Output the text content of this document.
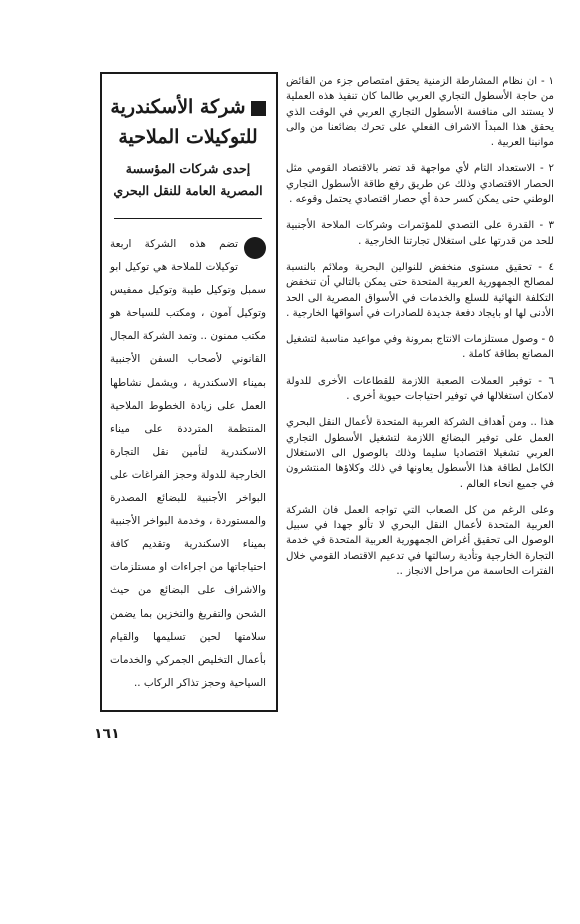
شركة الأسكندرية للتوكيلات الملاحية

إحدى شركات المؤسسة المصرية العامة للنقل البحري

تضم هذه الشركة اربعة توكيلات للملاحة هي توكيل ابو سمبل وتوكيل طيبة وتوكيل ممفيس وتوكيل آمون ، ومكتب للسياحة هو مكتب ممنون .. وتمد الشركة المجال القانوني لأصحاب السفن الأجنبية بميناء الاسكندرية ، ويشمل نشاطها العمل على زيادة الخطوط الملاحية المنتظمة المترددة على ميناء الاسكندرية لتأمين نقل التجارة الخارجية للدولة وحجز الفراغات على البواخر الأجنبية للبضائع المصدرة والمستوردة ، وخدمة البواخر الأجنبية بميناء الاسكندرية وتقديم كافة احتياجاتها من اجراءات او مستلزمات والاشراف على البضائع من حيث الشحن والتفريغ والتخزين بما يضمن سلامتها لحين تسليمها والقيام بأعمال التخليص الجمركي والخدمات السياحية وحجز تذاكر الركاب ..

١ - ان نظام المشارطة الزمنية يحقق امتصاص جزء من الفائض من حاجة الأسطول التجاري العربي طالما كان تنفيذ هذه العملية لا يستند الى منافسة الأسطول التجاري العربي في الوقت الذي يحقق هذا المبدأ الاشراف الفعلي على تحرك بضائعنا من والى موانينا العربية .

٢ - الاستعداد التام لأي مواجهة قد تضر بالاقتصاد القومي مثل الحصار الاقتصادي وذلك عن طريق رفع طاقة الأسطول التجاري الوطني حتى يمكن كسر حدة أي حصار اقتصادي يحتمل وقوعه .

٣ - القدرة على التصدي للمؤتمرات وشركات الملاحة الأجنبية للحد من قدرتها على استغلال تجارتنا الخارجية .

٤ - تحقيق مستوى منخفض للنوالين البحرية وملائم بالنسبة لمصالح الجمهورية العربية المتحدة حتى يمكن بالتالي أن تنخفض التكلفة النهائية للسلع والخدمات في الأسواق المصرية الى الحد الأدنى لها او بايجاد دفعة جديدة للصادرات في أسواقها الخارجية .

٥ - وصول مستلزمات الانتاج بمرونة وفي مواعيد مناسبة لتشغيل المصانع بطاقة كاملة .

٦ - توفير العملات الصعبة اللازمة للقطاعات الأخرى للدولة لامكان استغلالها في توفير احتياجات حيوية أخرى .

هذا .. ومن أهداف الشركة العربية المتحدة لأعمال النقل البحري العمل على توفير البضائع اللازمة لتشغيل الأسطول التجاري العربي تشغيلا اقتصاديا سليما وذلك بالوصول الى الاستغلال الكامل لطاقة هذا الأسطول يعاونها في ذلك وكلاؤها المنتشرون في جميع انحاء العالم .

وعلى الرغم من كل الصعاب التي تواجه العمل فان الشركة العربية المتحدة لأعمال النقل البحري لا تألو جهدا في سبيل الوصول الى تحقيق أغراض الجمهورية العربية المتحدة في خدمة التجارة الخارجية وتأدية رسالتها في تدعيم الاقتصاد القومي خلال الفترات الحاسمة من مراحل الانجاز ..

١٦١
